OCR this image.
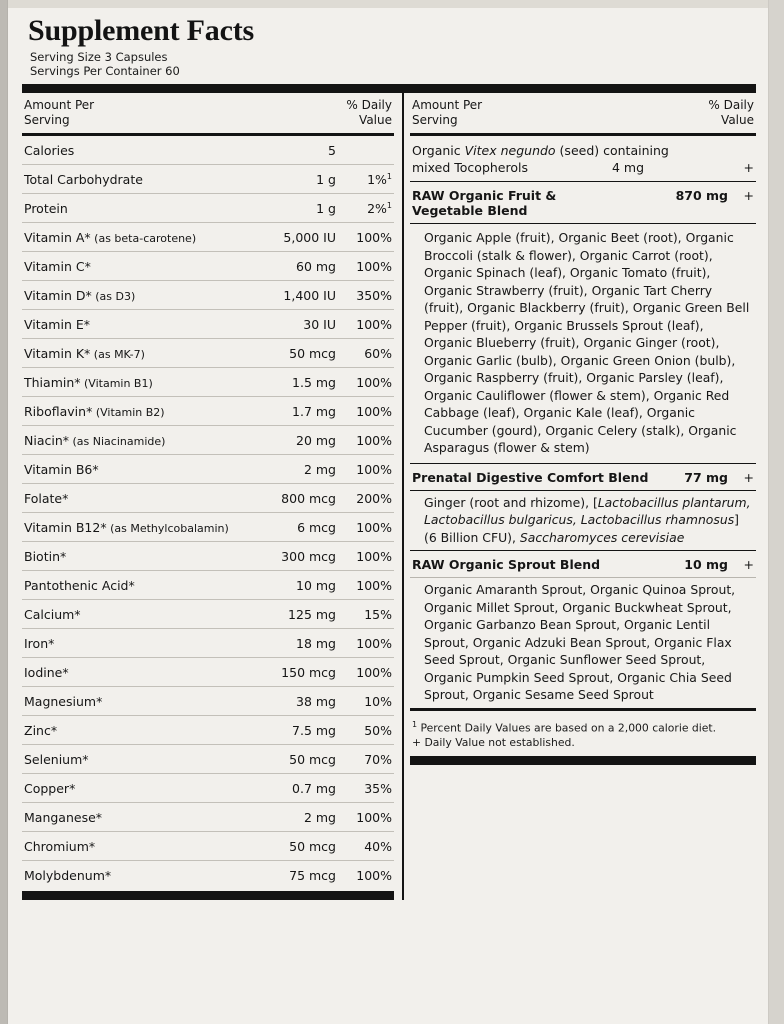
Supplement Facts
Serving Size 3 Capsules
Servings Per Container 60
Amount Per
Serving
% Daily
Value
Calories	5	
Total Carbohydrate	1 g	1%$^1$
Protein	1 g	2%$^1$
Vitamin A* (as beta-carotene)	5,000 IU	100%
Vitamin C*	60 mg	100%
Vitamin D* (as D3)	1,400 IU	350%
Vitamin E*	30 IU	100%
Vitamin K* (as MK-7)	50 mcg	60%
Thiamin* (Vitamin B1)	1.5 mg	100%
Riboflavin* (Vitamin B2)	1.7 mg	100%
Niacin* (as Niacinamide)	20 mg	100%
Vitamin B6*	2 mg	100%
Folate*	800 mcg	200%
Vitamin B12* (as Methylcobalamin)	6 mcg	100%
Biotin*	300 mcg	100%
Pantothenic Acid*	10 mg	100%
Calcium*	125 mg	15%
Iron*	18 mg	100%
Iodine*	150 mcg	100%
Magnesium*	38 mg	10%
Zinc*	7.5 mg	50%
Selenium*	50 mcg	70%
Copper*	0.7 mg	35%
Manganese*	2 mg	100%
Chromium*	50 mcg	40%
Molybdenum*	75 mcg	100%
Amount Per
Serving
% Daily
Value
Organic Vitex negundo (seed) containing
mixed Tocopherols	4 mg	+
RAW Organic Fruit &
Vegetable Blend
870 mg	+
Organic Apple (fruit), Organic Beet (root), Organic Broccoli (stalk & flower), Organic Carrot (root), Organic Spinach (leaf), Organic Tomato (fruit), Organic Strawberry (fruit), Organic Tart Cherry (fruit), Organic Blackberry (fruit), Organic Green Bell Pepper (fruit), Organic Brussels Sprout (leaf), Organic Blueberry (fruit), Organic Ginger (root), Organic Garlic (bulb), Organic Green Onion (bulb), Organic Raspberry (fruit), Organic Parsley (leaf), Organic Cauliflower (flower & stem), Organic Red Cabbage (leaf), Organic Kale (leaf), Organic Cucumber (gourd), Organic Celery (stalk), Organic Asparagus (flower & stem)
Prenatal Digestive Comfort Blend	77 mg	+
Ginger (root and rhizome), [Lactobacillus plantarum, Lactobacillus bulgaricus, Lactobacillus rhamnosus] (6 Billion CFU), Saccharomyces cerevisiae
RAW Organic Sprout Blend	10 mg	+
Organic Amaranth Sprout, Organic Quinoa Sprout, Organic Millet Sprout, Organic Buckwheat Sprout, Organic Garbanzo Bean Sprout, Organic Lentil Sprout, Organic Adzuki Bean Sprout, Organic Flax Seed Sprout, Organic Sunflower Seed Sprout, Organic Pumpkin Seed Sprout, Organic Chia Seed Sprout, Organic Sesame Seed Sprout
$^1$ Percent Daily Values are based on a 2,000 calorie diet.
+ Daily Value not established.
